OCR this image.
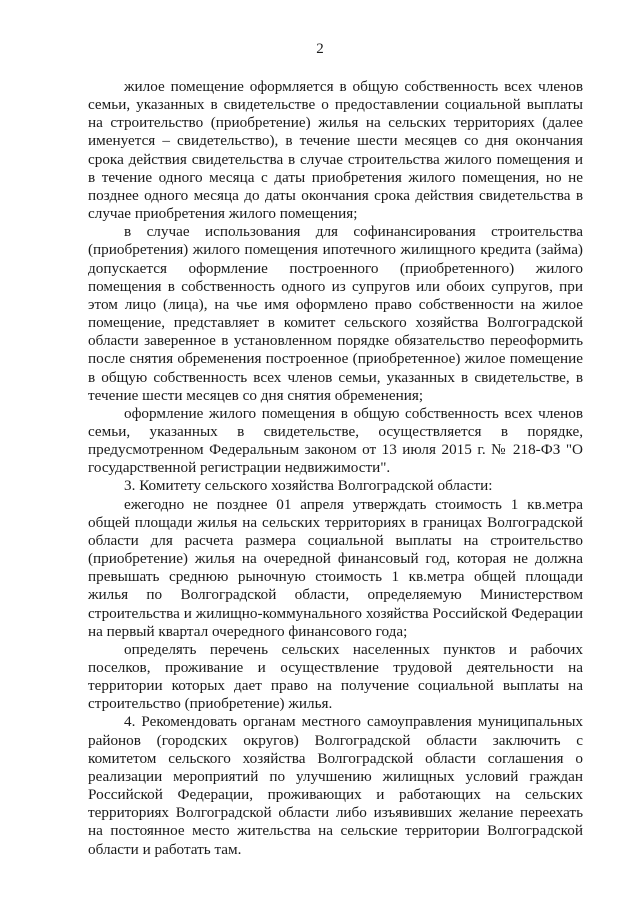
2

жилое помещение оформляется в общую собственность всех членов семьи, указанных в свидетельстве о предоставлении социальной выплаты на строительство (приобретение) жилья на сельских территориях (далее именуется – свидетельство), в течение шести месяцев со дня окончания срока действия свидетельства в случае строительства жилого помещения и в течение одного месяца с даты приобретения жилого помещения, но не позднее одного месяца до даты окончания срока действия свидетельства в случае приобретения жилого помещения;

в случае использования для софинансирования строительства (приобретения) жилого помещения ипотечного жилищного кредита (займа) допускается оформление построенного (приобретенного) жилого помещения в собственность одного из супругов или обоих супругов, при этом лицо (лица), на чье имя оформлено право собственности на жилое помещение, представляет в комитет сельского хозяйства Волгоградской области заверенное в установленном порядке обязательство переоформить после снятия обременения построенное (приобретенное) жилое помещение в общую собственность всех членов семьи, указанных в свидетельстве, в течение шести месяцев со дня снятия обременения;

оформление жилого помещения в общую собственность всех членов семьи, указанных в свидетельстве, осуществляется в порядке, предусмотренном Федеральным законом от 13 июля 2015 г. № 218-ФЗ "О государственной регистрации недвижимости".

3. Комитету сельского хозяйства Волгоградской области:

ежегодно не позднее 01 апреля утверждать стоимость 1 кв.метра общей площади жилья на сельских территориях в границах Волгоградской области для расчета размера социальной выплаты на строительство (приобретение) жилья на очередной финансовый год, которая не должна превышать среднюю рыночную стоимость 1 кв.метра общей площади жилья по Волгоградской области, определяемую Министерством строительства и жилищно-коммунального хозяйства Российской Федерации на первый квартал очередного финансового года;

определять перечень сельских населенных пунктов и рабочих поселков, проживание и осуществление трудовой деятельности на территории которых дает право на получение социальной выплаты на строительство (приобретение) жилья.

4. Рекомендовать органам местного самоуправления муниципальных районов (городских округов) Волгоградской области заключить с комитетом сельского хозяйства Волгоградской области соглашения о реализации мероприятий по улучшению жилищных условий граждан Российской Федерации, проживающих и работающих на сельских территориях Волгоградской области либо изъявивших желание переехать на постоянное место жительства на сельские территории Волгоградской области и работать там.
